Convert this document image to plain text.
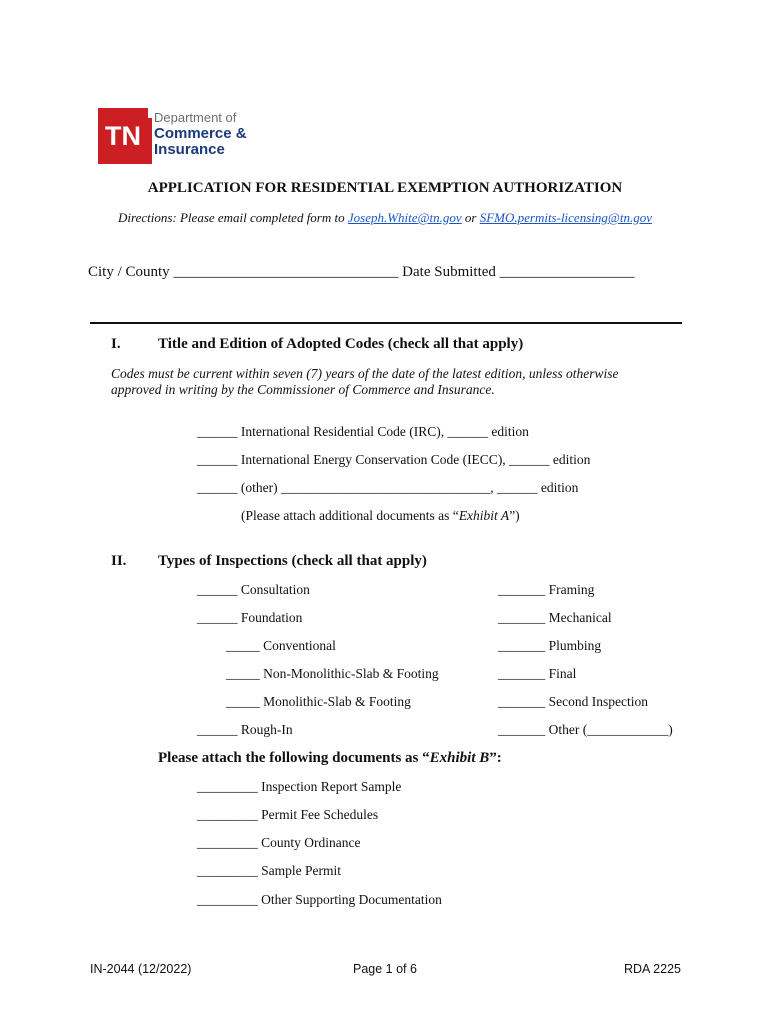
TN
Department of
Commerce &
Insurance
APPLICATION FOR RESIDENTIAL EXEMPTION AUTHORIZATION
Directions: Please email completed form to Joseph.White@tn.gov or SFMO.permits-licensing@tn.gov
City / County ______________________________ Date Submitted __________________
I. Title and Edition of Adopted Codes (check all that apply)
Codes must be current within seven (7) years of the date of the latest edition, unless otherwise
approved in writing by the Commissioner of Commerce and Insurance.
______ International Residential Code (IRC), ______ edition
______ International Energy Conservation Code (IECC), ______ edition
______ (other) _______________________________, ______ edition
(Please attach additional documents as “Exhibit A”)
II. Types of Inspections (check all that apply)
______ Consultation
______ Foundation
_____ Conventional
_____ Non-Monolithic-Slab & Footing
_____ Monolithic-Slab & Footing
______ Rough-In
_______ Framing
_______ Mechanical
_______ Plumbing
_______ Final
_______ Second Inspection
_______ Other (____________)
Please attach the following documents as “Exhibit B”:
_________ Inspection Report Sample
_________ Permit Fee Schedules
_________ County Ordinance
_________ Sample Permit
_________ Other Supporting Documentation
IN-2044 (12/2022)	Page 1 of 6	RDA 2225
